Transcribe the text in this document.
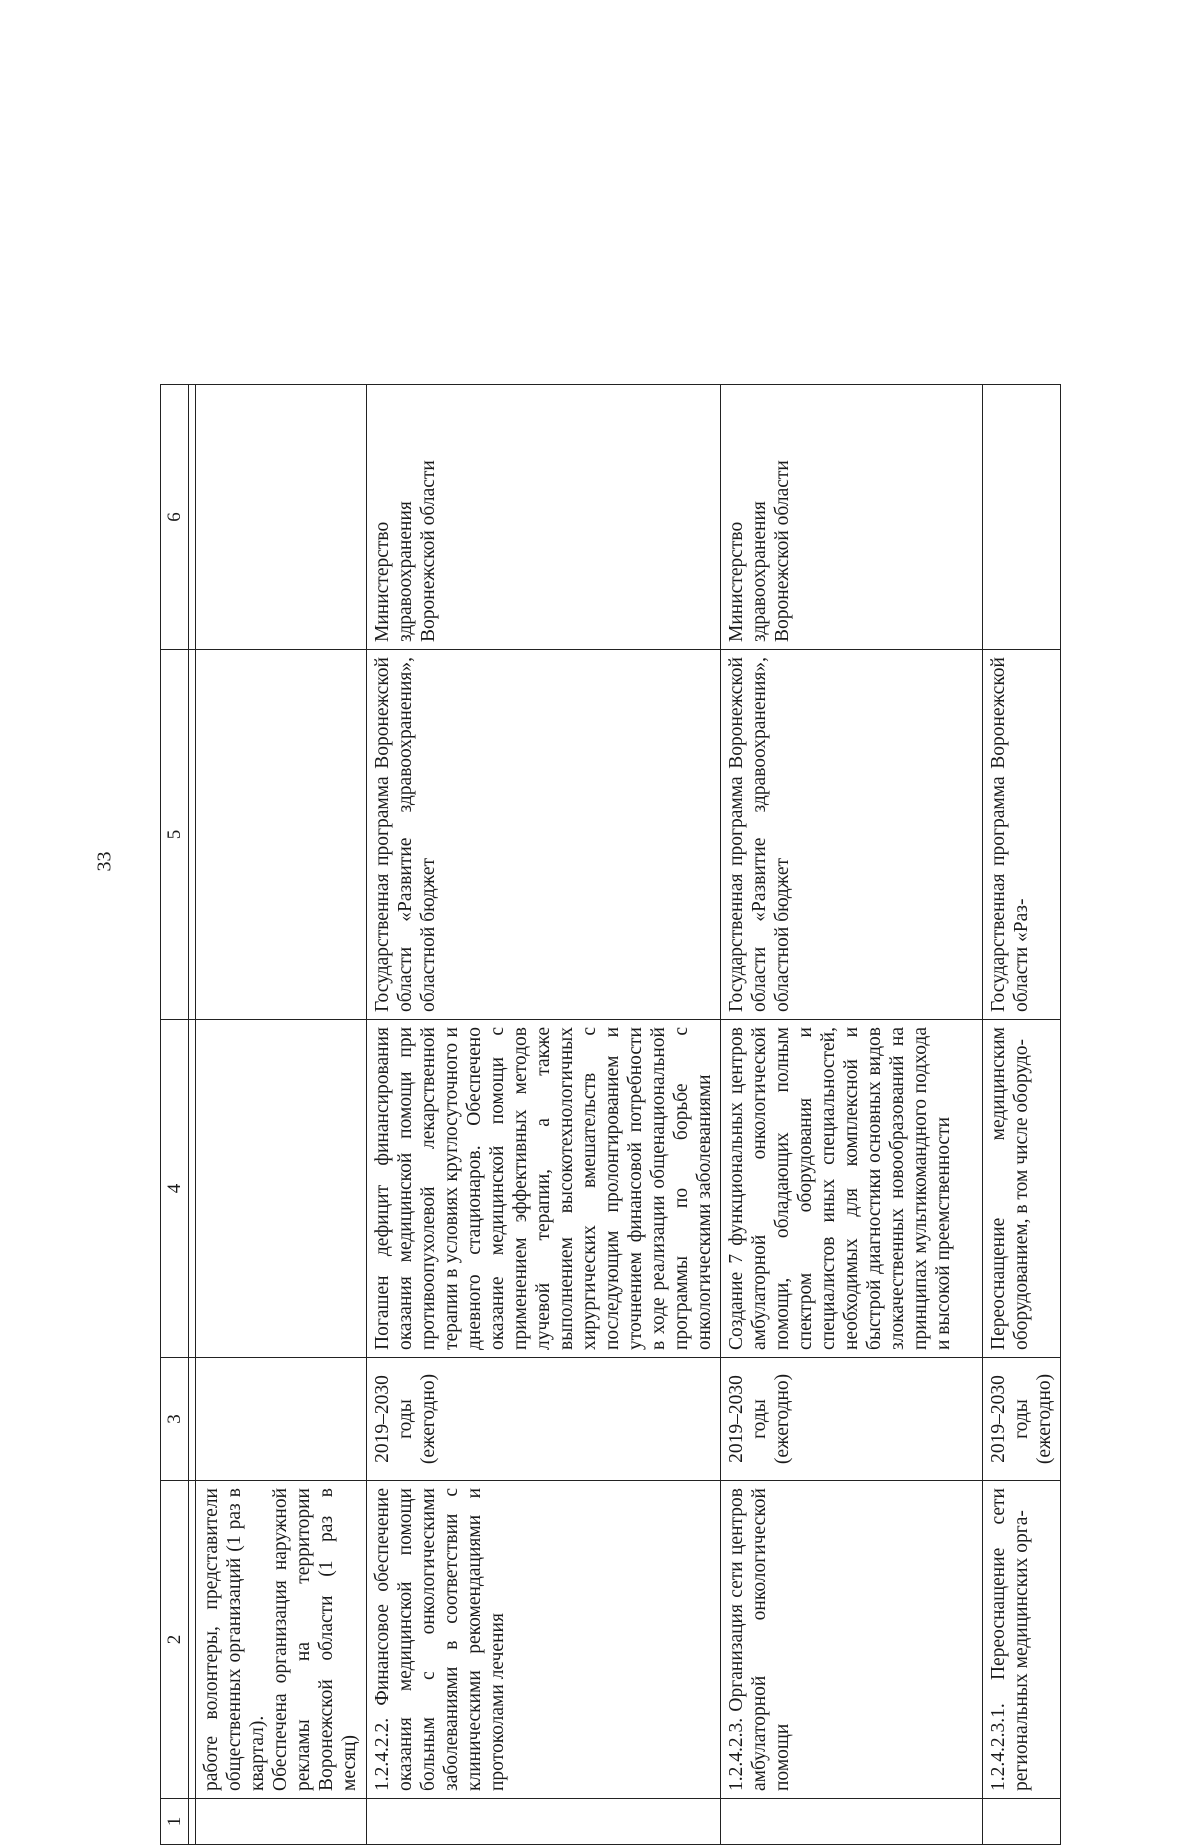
33
1	2	3	4	5	6

	работе волонтеры, представители общественных организаций (1 раз в квартал).
Обеспечена организация наружной рекламы на территории Воронежской области (1 раз в месяц)				
	1.2.4.2.2. Финансовое обеспечение оказания медицинской помощи больным с онкологическими заболеваниями в соответствии с клиническими рекомендациями и протоколами лечения	2019–2030 годы (ежегодно)	Погашен дефицит финансирования оказания медицинской помощи при противоопухолевой лекарственной терапии в условиях круглосуточного и дневного стационаров. Обеспечено оказание медицинской помощи с применением эффективных методов лучевой терапии, а также выполнением высокотехнологичных хирургических вмешательств с последующим пролонгированием и уточнением финансовой потребности в ходе реализации общенациональной программы по борьбе с онкологическими заболеваниями	Государственная программа Воронежской области «Развитие здравоохранения», областной бюджет	Министерство здравоохранения Воронежской области
	1.2.4.2.3. Организация сети центров амбулаторной онкологической помощи	2019–2030 годы (ежегодно)	Создание 7 функциональных центров амбулаторной онкологической помощи, обладающих полным спектром оборудования и специалистов иных специальностей, необходимых для комплексной и быстрой диагностики основных видов злокачественных новообразований на принципах мультикомандного подхода и высокой преемственности	Государственная программа Воронежской области «Развитие здравоохранения», областной бюджет	Министерство здравоохранения Воронежской области
	1.2.4.2.3.1. Переоснащение сети региональных медицинских орга-	2019–2030 годы (ежегодно)	Переоснащение медицинским оборудованием, в том числе оборудо-	Государственная программа Воронежской области «Раз-	
